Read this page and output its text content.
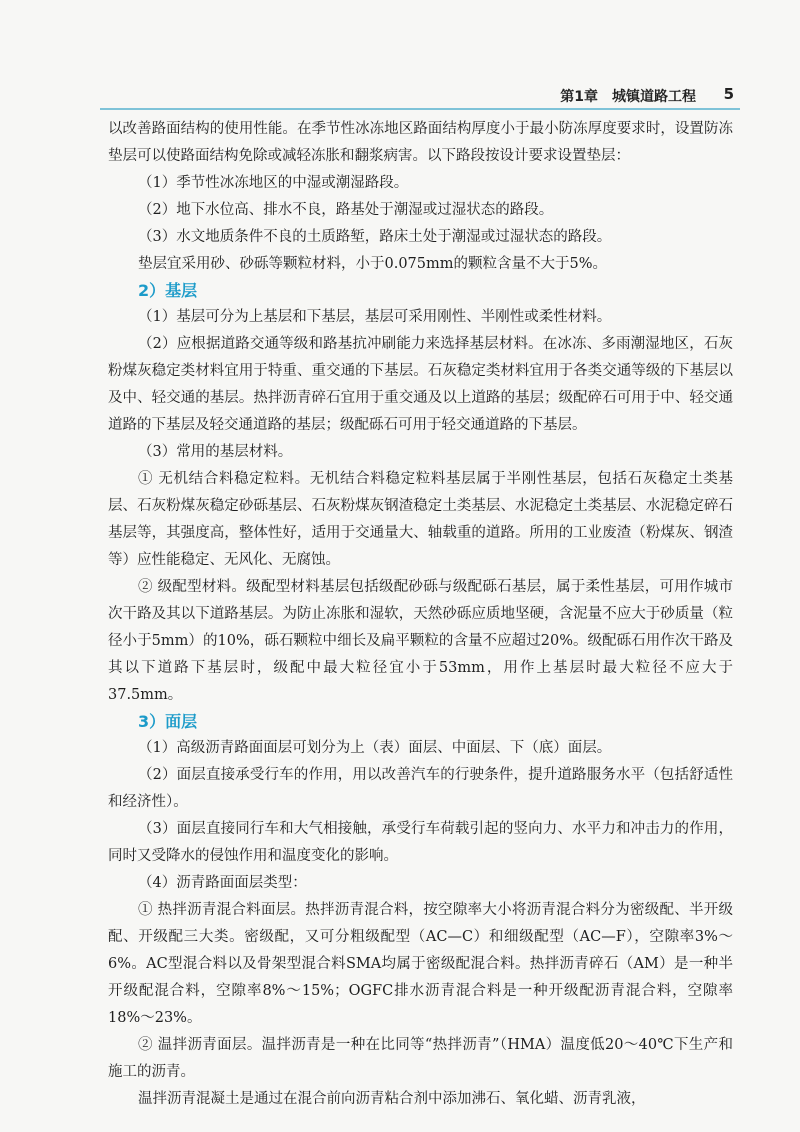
第1章　城镇道路工程 5

以改善路面结构的使用性能。在季节性冰冻地区路面结构厚度小于最小防冻厚度要求时，设置防冻垫层可以使路面结构免除或减轻冻胀和翻浆病害。以下路段按设计要求设置垫层：

（1）季节性冰冻地区的中湿或潮湿路段。

（2）地下水位高、排水不良，路基处于潮湿或过湿状态的路段。

（3）水文地质条件不良的土质路堑，路床土处于潮湿或过湿状态的路段。

垫层宜采用砂、砂砾等颗粒材料，小于0.075mm的颗粒含量不大于5%。

2）基层

（1）基层可分为上基层和下基层，基层可采用刚性、半刚性或柔性材料。

（2）应根据道路交通等级和路基抗冲刷能力来选择基层材料。在冰冻、多雨潮湿地区，石灰粉煤灰稳定类材料宜用于特重、重交通的下基层。石灰稳定类材料宜用于各类交通等级的下基层以及中、轻交通的基层。热拌沥青碎石宜用于重交通及以上道路的基层；级配碎石可用于中、轻交通道路的下基层及轻交通道路的基层；级配砾石可用于轻交通道路的下基层。

（3）常用的基层材料。

① 无机结合料稳定粒料。无机结合料稳定粒料基层属于半刚性基层，包括石灰稳定土类基层、石灰粉煤灰稳定砂砾基层、石灰粉煤灰钢渣稳定土类基层、水泥稳定土类基层、水泥稳定碎石基层等，其强度高，整体性好，适用于交通量大、轴载重的道路。所用的工业废渣（粉煤灰、钢渣等）应性能稳定、无风化、无腐蚀。

② 级配型材料。级配型材料基层包括级配砂砾与级配砾石基层，属于柔性基层，可用作城市次干路及其以下道路基层。为防止冻胀和湿软，天然砂砾应质地坚硬，含泥量不应大于砂质量（粒径小于5mm）的10%，砾石颗粒中细长及扁平颗粒的含量不应超过20%。级配砾石用作次干路及其以下道路下基层时，级配中最大粒径宜小于53mm，用作上基层时最大粒径不应大于37.5mm。

3）面层

（1）高级沥青路面面层可划分为上（表）面层、中面层、下（底）面层。

（2）面层直接承受行车的作用，用以改善汽车的行驶条件，提升道路服务水平（包括舒适性和经济性）。

（3）面层直接同行车和大气相接触，承受行车荷载引起的竖向力、水平力和冲击力的作用，同时又受降水的侵蚀作用和温度变化的影响。

（4）沥青路面面层类型：

① 热拌沥青混合料面层。热拌沥青混合料，按空隙率大小将沥青混合料分为密级配、半开级配、开级配三大类。密级配，又可分粗级配型（AC—C）和细级配型（AC—F），空隙率3%～6%。AC型混合料以及骨架型混合料SMA均属于密级配混合料。热拌沥青碎石（AM）是一种半开级配混合料，空隙率8%～15%；OGFC排水沥青混合料是一种开级配沥青混合料，空隙率18%～23%。

② 温拌沥青面层。温拌沥青是一种在比同等“热拌沥青”（HMA）温度低20～40℃下生产和施工的沥青。

温拌沥青混凝土是通过在混合前向沥青粘合剂中添加沸石、氧化蜡、沥青乳液，
